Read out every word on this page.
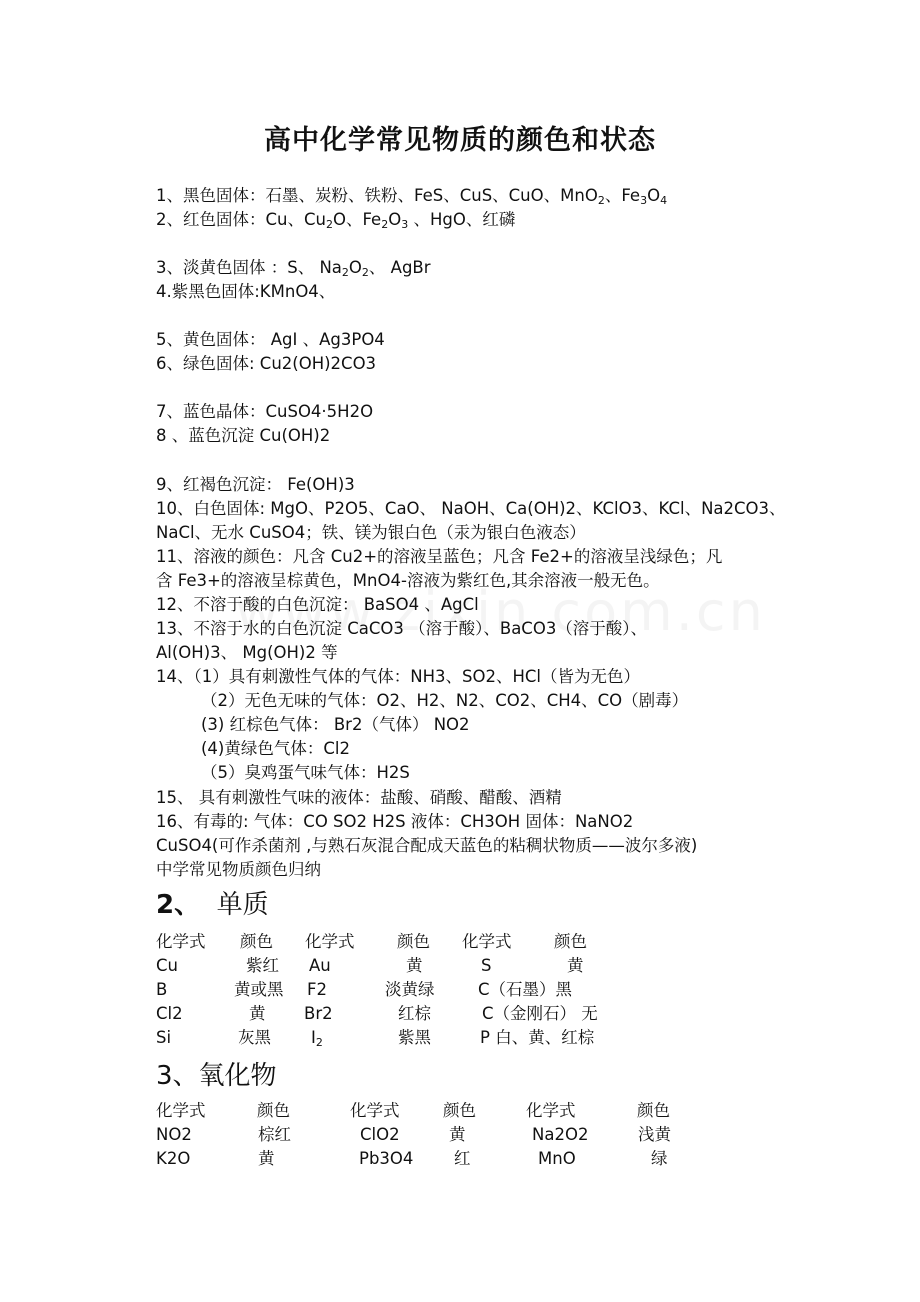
高中化学常见物质的颜色和状态
1、黑色固体：石墨、炭粉、铁粉、FeS、CuS、CuO、MnO$_2$、$Fe_3O_4$
2、红色固体：Cu、$Cu_2O$、$Fe_2O_3$ 、HgO、红磷
3、淡黄色固体 ：S、 $Na_2O_2$、 AgBr
4.紫黑色固体:KMnO4、
5、黄色固体： AgI 、Ag3PO4
6、绿色固体: Cu2(OH)2CO3
7、蓝色晶体：CuSO4·5H2O
8 、蓝色沉淀 Cu(OH)2
9、红褐色沉淀： Fe(OH)3
10、白色固体: MgO、P2O5、CaO、 NaOH、Ca(OH)2、KClO3、KCl、Na2CO3、
NaCl、无水 CuSO4；铁、镁为银白色（汞为银白色液态）
11、溶液的颜色：凡含 Cu2+的溶液呈蓝色；凡含 Fe2+的溶液呈浅绿色；凡
含 Fe3+的溶液呈棕黄色，MnO4-溶液为紫红色,其余溶液一般无色。
12、不溶于酸的白色沉淀： BaSO4 、AgCl
13、不溶于水的白色沉淀 CaCO3 （溶于酸）、BaCO3（溶于酸）、
Al(OH)3、 Mg(OH)2 等
14、（1）具有刺激性气体的气体：NH3、SO2、HCl（皆为无色）
（2）无色无味的气体：O2、H2、N2、CO2、CH4、CO（剧毒）
(3) 红棕色气体： Br2（气体） NO2
(4)黄绿色气体：Cl2
（5）臭鸡蛋气味气体：H2S
15、 具有刺激性气味的液体：盐酸、硝酸、醋酸、酒精
16、有毒的: 气体：CO SO2 H2S 液体：CH3OH 固体：NaNO2
CuSO4(可作杀菌剂 ,与熟石灰混合配成天蓝色的粘稠状物质——波尔多液)
中学常见物质颜色归纳
2、 单质
化学式 颜色 化学式	颜色 化学式	颜色
Cu	紫红 Au	黄	S	黄
B	黄或黑 F2	淡黄绿	C（石墨）黑
Cl2	黄 Br2	红棕	C（金刚石） 无
Si	灰黑 $I_2$	紫黑	P 白、黄、红棕
3、氧化物
化学式	颜色	化学式	颜色	化学式	颜色
NO2	棕红	ClO2	黄	Na2O2	浅黄
K2O	黄	Pb3O4 红	MnO	绿
